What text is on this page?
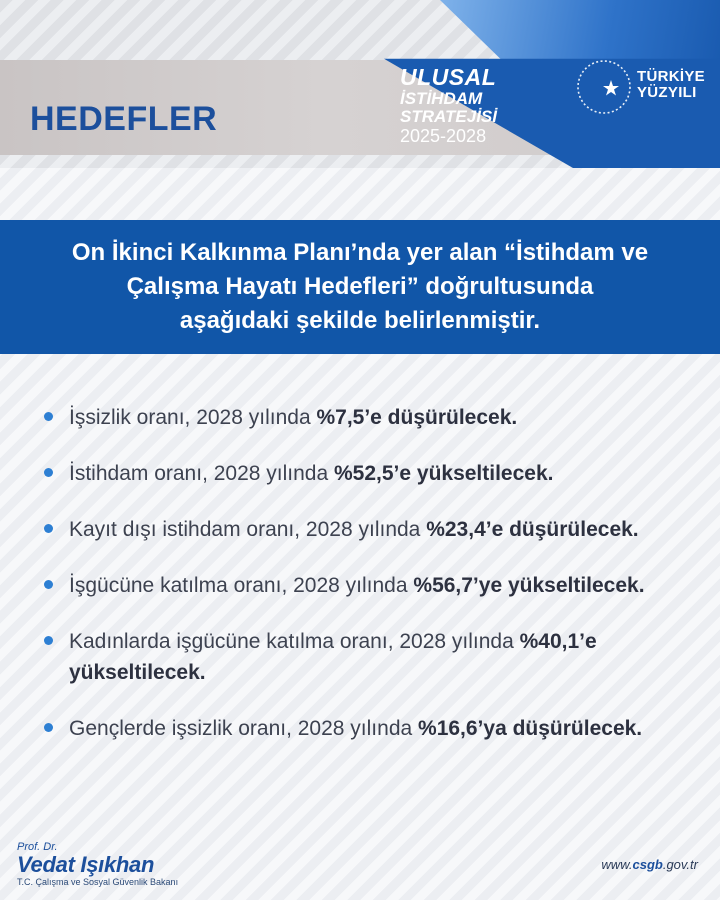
HEDEFLER
ULUSAL
İSTİHDAM
STRATEJİSİ
2025-2028
TÜRKİYE
YÜZYILI
On İkinci Kalkınma Planı’nda yer alan “İstihdam ve
Çalışma Hayatı Hedefleri” doğrultusunda
aşağıdaki şekilde belirlenmiştir.
İşsizlik oranı, 2028 yılında %7,5’e düşürülecek.
İstihdam oranı, 2028 yılında %52,5’e yükseltilecek.
Kayıt dışı istihdam oranı, 2028 yılında %23,4’e düşürülecek.
İşgücüne katılma oranı, 2028 yılında %56,7’ye yükseltilecek.
Kadınlarda işgücüne katılma oranı, 2028 yılında %40,1’e yükseltilecek.
Gençlerde işsizlik oranı, 2028 yılında %16,6’ya düşürülecek.
Prof. Dr.
Vedat Işıkhan
T.C. Çalışma ve Sosyal Güvenlik Bakanı
www.csgb.gov.tr
